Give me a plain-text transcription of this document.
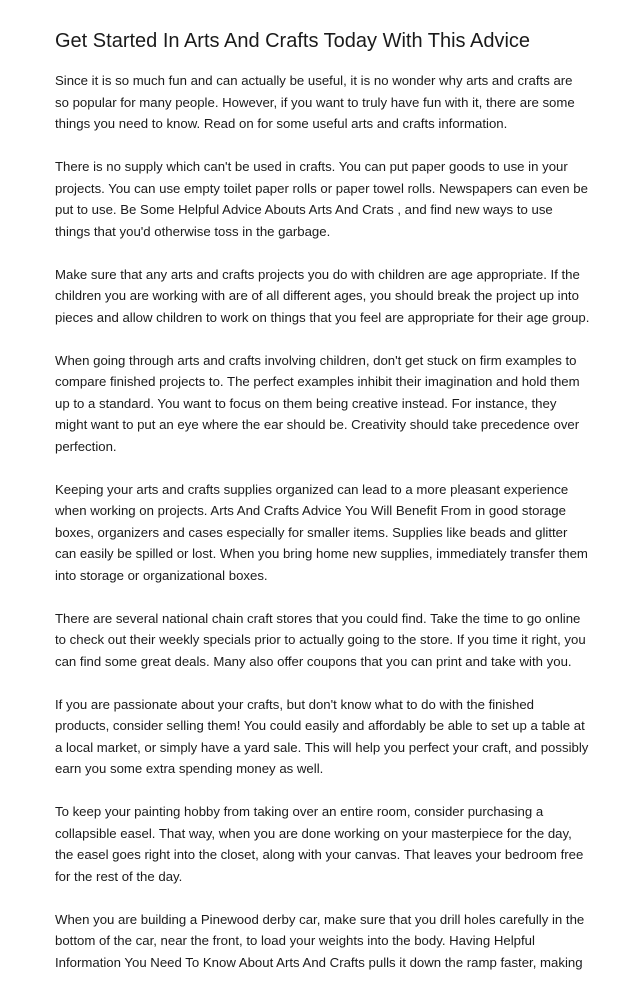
Get Started In Arts And Crafts Today With This Advice

Since it is so much fun and can actually be useful, it is no wonder why arts and crafts are so popular for many people. However, if you want to truly have fun with it, there are some things you need to know. Read on for some useful arts and crafts information.

There is no supply which can't be used in crafts. You can put paper goods to use in your projects. You can use empty toilet paper rolls or paper towel rolls. Newspapers can even be put to use. Be Some Helpful Advice Abouts Arts And Crats , and find new ways to use things that you'd otherwise toss in the garbage.

Make sure that any arts and crafts projects you do with children are age appropriate. If the children you are working with are of all different ages, you should break the project up into pieces and allow children to work on things that you feel are appropriate for their age group.

When going through arts and crafts involving children, don't get stuck on firm examples to compare finished projects to. The perfect examples inhibit their imagination and hold them up to a standard. You want to focus on them being creative instead. For instance, they might want to put an eye where the ear should be. Creativity should take precedence over perfection.

Keeping your arts and crafts supplies organized can lead to a more pleasant experience when working on projects. Arts And Crafts Advice You Will Benefit From in good storage boxes, organizers and cases especially for smaller items. Supplies like beads and glitter can easily be spilled or lost. When you bring home new supplies, immediately transfer them into storage or organizational boxes.

There are several national chain craft stores that you could find. Take the time to go online to check out their weekly specials prior to actually going to the store. If you time it right, you can find some great deals. Many also offer coupons that you can print and take with you.

If you are passionate about your crafts, but don't know what to do with the finished products, consider selling them! You could easily and affordably be able to set up a table at a local market, or simply have a yard sale. This will help you perfect your craft, and possibly earn you some extra spending money as well.

To keep your painting hobby from taking over an entire room, consider purchasing a collapsible easel. That way, when you are done working on your masterpiece for the day, the easel goes right into the closet, along with your canvas. That leaves your bedroom free for the rest of the day.

When you are building a Pinewood derby car, make sure that you drill holes carefully in the bottom of the car, near the front, to load your weights into the body. Having Helpful Information You Need To Know About Arts And Crafts pulls it down the ramp faster, making
